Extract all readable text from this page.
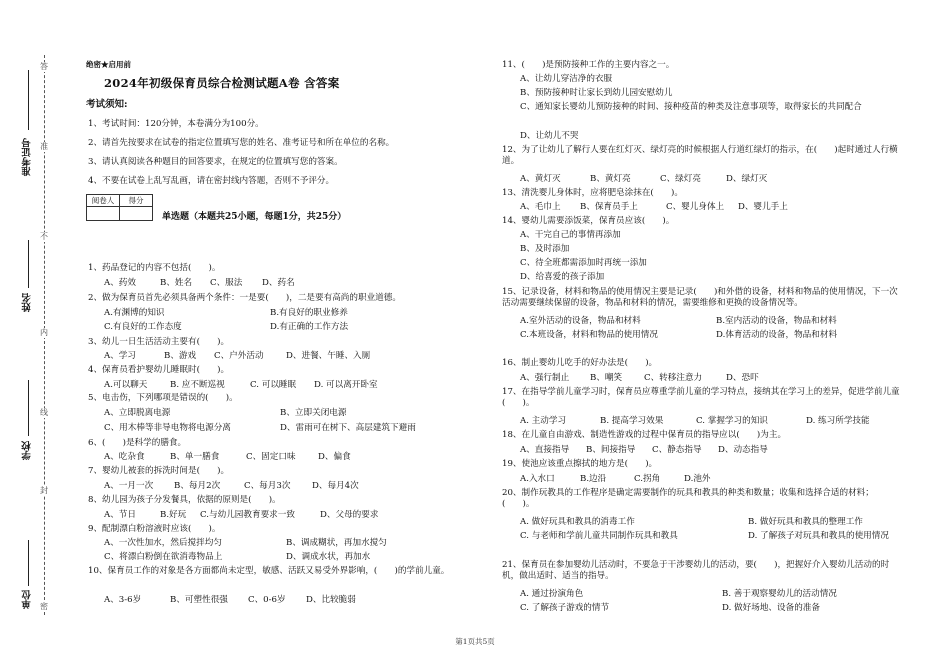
答
准
不
内
线
封
密
准考证号
姓名
学校
单位
绝密★启用前
2024年初级保育员综合检测试题A卷 含答案
考试须知:
1、考试时间：120分钟，本卷满分为100分。
2、请首先按要求在试卷的指定位置填写您的姓名、准考证号和所在单位的名称。
3、请认真阅读各种题目的回答要求，在规定的位置填写您的答案。
4、不要在试卷上乱写乱画，请在密封线内答题，否则不予评分。
阅卷人	得分

单选题（本题共25小题，每题1分，共25分）
1、药品登记的内容不包括(　　)。
A、药效	B、姓名 C、服法 D、药名
2、做为保育员首先必须具备两个条件：一是要(　　)，二是要有高尚的职业道德。
A.有渊博的知识	B.有良好的职业修养
C.有良好的工作态度	D.有正确的工作方法
3、幼儿一日生活活动主要有(　　)。
A、学习	B、游戏 C、户外活动	D、进餐、午睡、入厕
4、保育员看护婴幼儿睡眠时(　　)。
A.可以聊天	B. 应不断巡视	C. 可以睡眠 D. 可以离开卧室
5、电击伤，下列哪项是错误的(　　)。
A、立即脱离电源	B、立即关闭电源
C、用木棒等非导电物将电源分离	D、雷雨可在树下、高层建筑下避雨
6、(　　)是科学的膳食。
A、吃杂食	B、单一膳食	C、固定口味	D、偏食
7、婴幼儿被套的拆洗时间是(　　)。
A、一月一次 B、每月2次	C、每月3次	D、每月4次
8、幼儿园为孩子分发餐具，依据的原则是(　　)。
A、节日	B.好玩 C.与幼儿园教育要求一致	D、父母的要求
9、配制漂白粉溶液时应该(　　)。
A、一次性加水，然后搅拌均匀	B、调成糊状，再加水搅匀
C、将漂白粉倒在欲消毒物品上	D、调成水状，再加水
10、保育员工作的对象是各方面都尚未定型，敏感、活跃又易受外界影响，(　　)的学前儿童。
A、3-6岁	B、可塑性很强 C、0-6岁 D、比较脆弱
11、(　　)是预防接种工作的主要内容之一。
A、让幼儿穿洁净的衣服
B、预防接种时让家长到幼儿园安慰幼儿
C、通知家长婴幼儿预防接种的时间、接种疫苗的种类及注意事项等，取得家长的共同配合
D、让幼儿不哭
12、为了让幼儿了解行人要在红灯灭、绿灯亮的时候根据人行道红绿灯的指示，在(　　)起时通过人行横道。
A、黄灯灭	B、黄灯亮	C、绿灯亮	D、绿灯灭
13、清洗婴儿身体时，应将肥皂涂抹在(　　)。
A、毛巾上 B、保育员手上	C、婴儿身体上 D、婴儿手上
14、婴幼儿需要添饭菜，保育员应该(　　)。
A、干完自己的事情再添加
B、及时添加
C、待全班都需添加时再统一添加
D、给喜爱的孩子添加
15、记录设备，材料和物品的使用情况主要是记录(　　)和外借的设备，材料和物品的使用情况，下一次活动需要继续保留的设备，物品和材料的情况，需要维修和更换的设备情况等。
A.室外活动的设备，物品和材料	B.室内活动的设备，物品和材料
C.本班设备，材料和物品的使用情况	D.体育活动的设备，物品和材料
16、制止婴幼儿吃手的好办法是(　　)。
A、强行制止 B、嘲笑	C、转移注意力	D、恐吓
17、在指导学前儿童学习时，保育员应尊重学前儿童的学习特点，接纳其在学习上的差异，促进学前儿童(　　)。
A. 主动学习	B. 提高学习效果	C. 掌握学习的知识	D. 练习所学技能
18、在儿童自由游戏、制造性游戏的过程中保育员的指导应以(　　)为主。
A、直接指导 B、间接指导 C、静态指导 D、动态指导
19、使池应该重点擦拭的地方是(　　)。
A.入水口	B.边沿	C.拐角	D.池外
20、制作玩教具的工作程序是确定需要制作的玩具和教具的种类和数量；收集和选择合适的材料；(　　)。
A. 做好玩具和教具的消毒工作	B. 做好玩具和教具的整理工作
C. 与老师和学前儿童共同制作玩具和教具	D. 了解孩子对玩具和教具的使用情况
21、保育员在参加婴幼儿活动时，不要急于干涉婴幼儿的活动，要(　　)，把握好介入婴幼儿活动的时机，做出适时、适当的指导。
A. 通过扮演角色	B. 善于观察婴幼儿的活动情况
C. 了解孩子游戏的情节	D. 做好场地、设备的准备
第1页共5页
